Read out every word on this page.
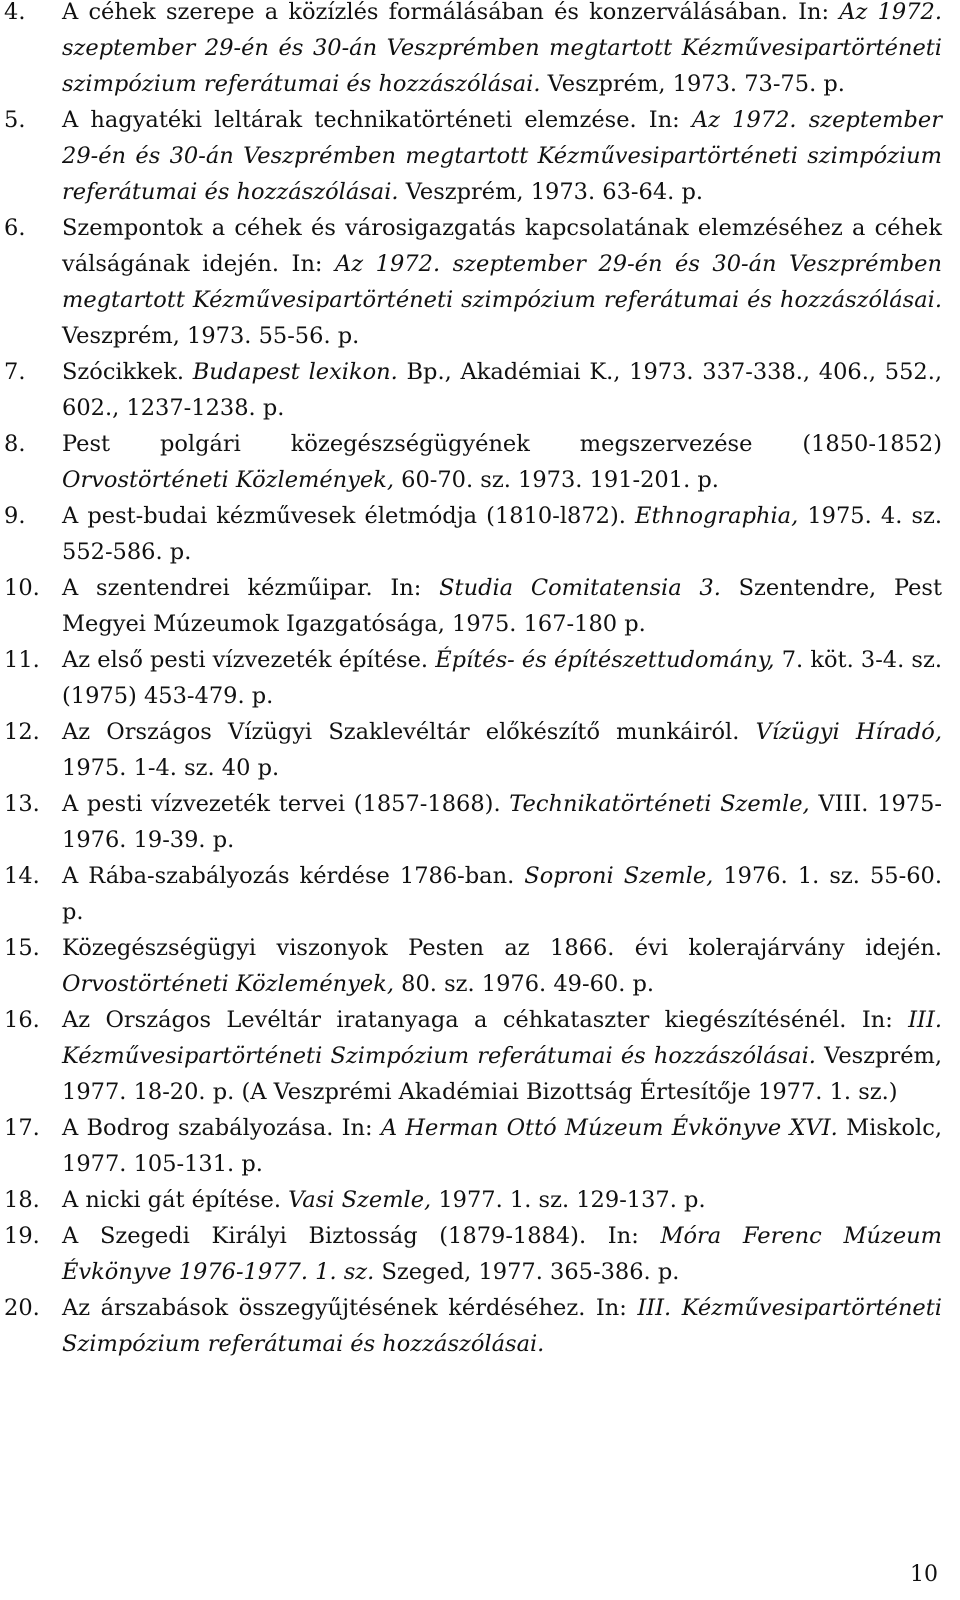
4. A céhek szerepe a közízlés formálásában és konzerválásában. In: Az 1972. szeptember 29-én és 30-án Veszprémben megtartott Kézművesipartörténeti szimpózium referátumai és hozzászólásai. Veszprém, 1973. 73-75. p.
5. A hagyatéki leltárak technikatörténeti elemzése. In: Az 1972. szeptember 29-én és 30-án Veszprémben megtartott Kézművesipartörténeti szimpózium referátumai és hozzászólásai. Veszprém, 1973. 63-64. p.
6. Szempontok a céhek és városigazgatás kapcsolatának elemzéséhez a céhek válságának idején. In: Az 1972. szeptember 29-én és 30-án Veszprémben megtartott Kézművesipartörténeti szimpózium referátumai és hozzászólásai. Veszprém, 1973. 55-56. p.
7. Szócikkek. Budapest lexikon. Bp., Akadémiai K., 1973. 337-338., 406., 552., 602., 1237-1238. p.
8. Pest polgári közegészségügyének megszervezése (1850-1852) Orvostörténeti Közlemények, 60-70. sz. 1973. 191-201. p.
9. A pest-budai kézművesek életmódja (1810-l872). Ethnographia, 1975. 4. sz. 552-586. p.
10. A szentendrei kézműipar. In: Studia Comitatensia 3. Szentendre, Pest Megyei Múzeumok Igazgatósága, 1975. 167-180 p.
11. Az első pesti vízvezeték építése. Építés- és építészettudomány, 7. köt. 3-4. sz. (1975) 453-479. p.
12. Az Országos Vízügyi Szaklevéltár előkészítő munkáiról. Vízügyi Híradó, 1975. 1-4. sz. 40 p.
13. A pesti vízvezeték tervei (1857-1868). Technikatörténeti Szemle, VIII. 1975-1976. 19-39. p.
14. A Rába-szabályozás kérdése 1786-ban. Soproni Szemle, 1976. 1. sz. 55-60. p.
15. Közegészségügyi viszonyok Pesten az 1866. évi kolerajárvány idején. Orvostörténeti Közlemények, 80. sz. 1976. 49-60. p.
16. Az Országos Levéltár iratanyaga a céhkataszter kiegészítésénél. In: III. Kézművesipartörténeti Szimpózium referátumai és hozzászólásai. Veszprém, 1977. 18-20. p. (A Veszprémi Akadémiai Bizottság Értesítője 1977. 1. sz.)
17. A Bodrog szabályozása. In: A Herman Ottó Múzeum Évkönyve XVI. Miskolc, 1977. 105-131. p.
18. A nicki gát építése. Vasi Szemle, 1977. 1. sz. 129-137. p.
19. A Szegedi Királyi Biztosság (1879-1884). In: Móra Ferenc Múzeum Évkönyve 1976-1977. 1. sz. Szeged, 1977. 365-386. p.
20. Az árszabások összegyűjtésének kérdéséhez. In: III. Kézművesipartörténeti Szimpózium referátumai és hozzászólásai.
10
